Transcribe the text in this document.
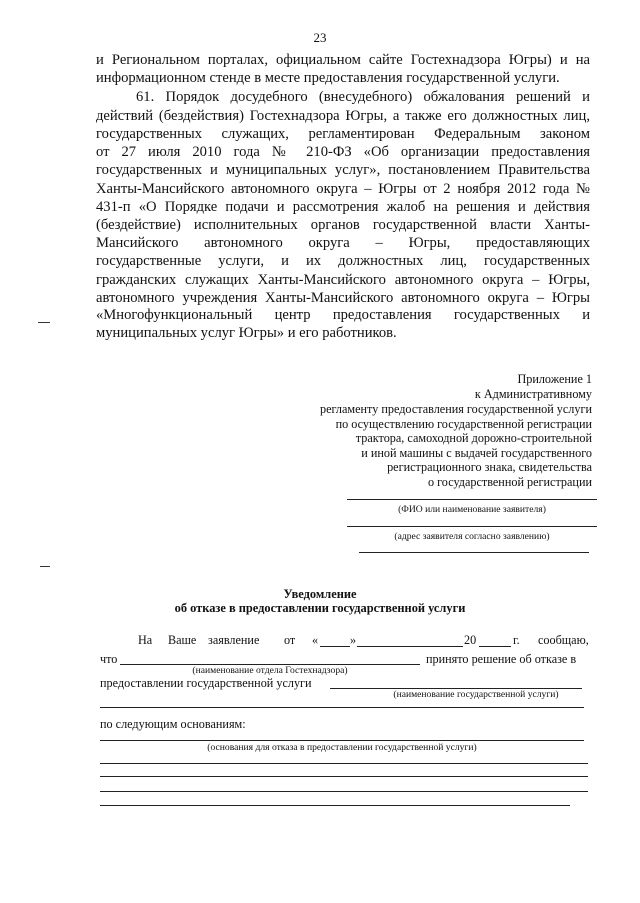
23
и Региональном порталах, официальном сайте Гостехнадзора Югры) и на
информационном стенде в месте предоставления государственной услуги.
61. Порядок досудебного (внесудебного) обжалования решений и
действий (бездействия) Гостехнадзора Югры, а также его должностных лиц,
государственных служащих, регламентирован Федеральным законом
от 27 июля 2010 года № 210-ФЗ «Об организации предоставления
государственных и муниципальных услуг», постановлением Правительства
Ханты-Мансийского автономного округа – Югры от 2 ноября 2012 года №
431-п «О Порядке подачи и рассмотрения жалоб на решения и действия
(бездействие) исполнительных органов государственной власти Ханты-
Мансийского автономного округа – Югры, предоставляющих
государственные услуги, и их должностных лиц, государственных
гражданских служащих Ханты-Мансийского автономного округа – Югры,
автономного учреждения Ханты-Мансийского автономного округа – Югры
«Многофункциональный центр предоставления государственных и
муниципальных услуг Югры» и его работников.
Приложение 1
к Административному
регламенту предоставления государственной услуги
по осуществлению государственной регистрации
трактора, самоходной дорожно-строительной
и иной машины с выдачей государственного
регистрационного знака, свидетельства
о государственной регистрации
(ФИО или наименование заявителя)
(адрес заявителя согласно заявлению)
Уведомление
об отказе в предоставлении государственной услуги
На Ваше заявление от «	»	20	г. сообщаю,
что	принято решение об отказе в
(наименование отдела Гостехнадзора)
предоставлении государственной услуги
(наименование государственной услуги)
по следующим основаниям:
(основания для отказа в предоставлении государственной услуги)
